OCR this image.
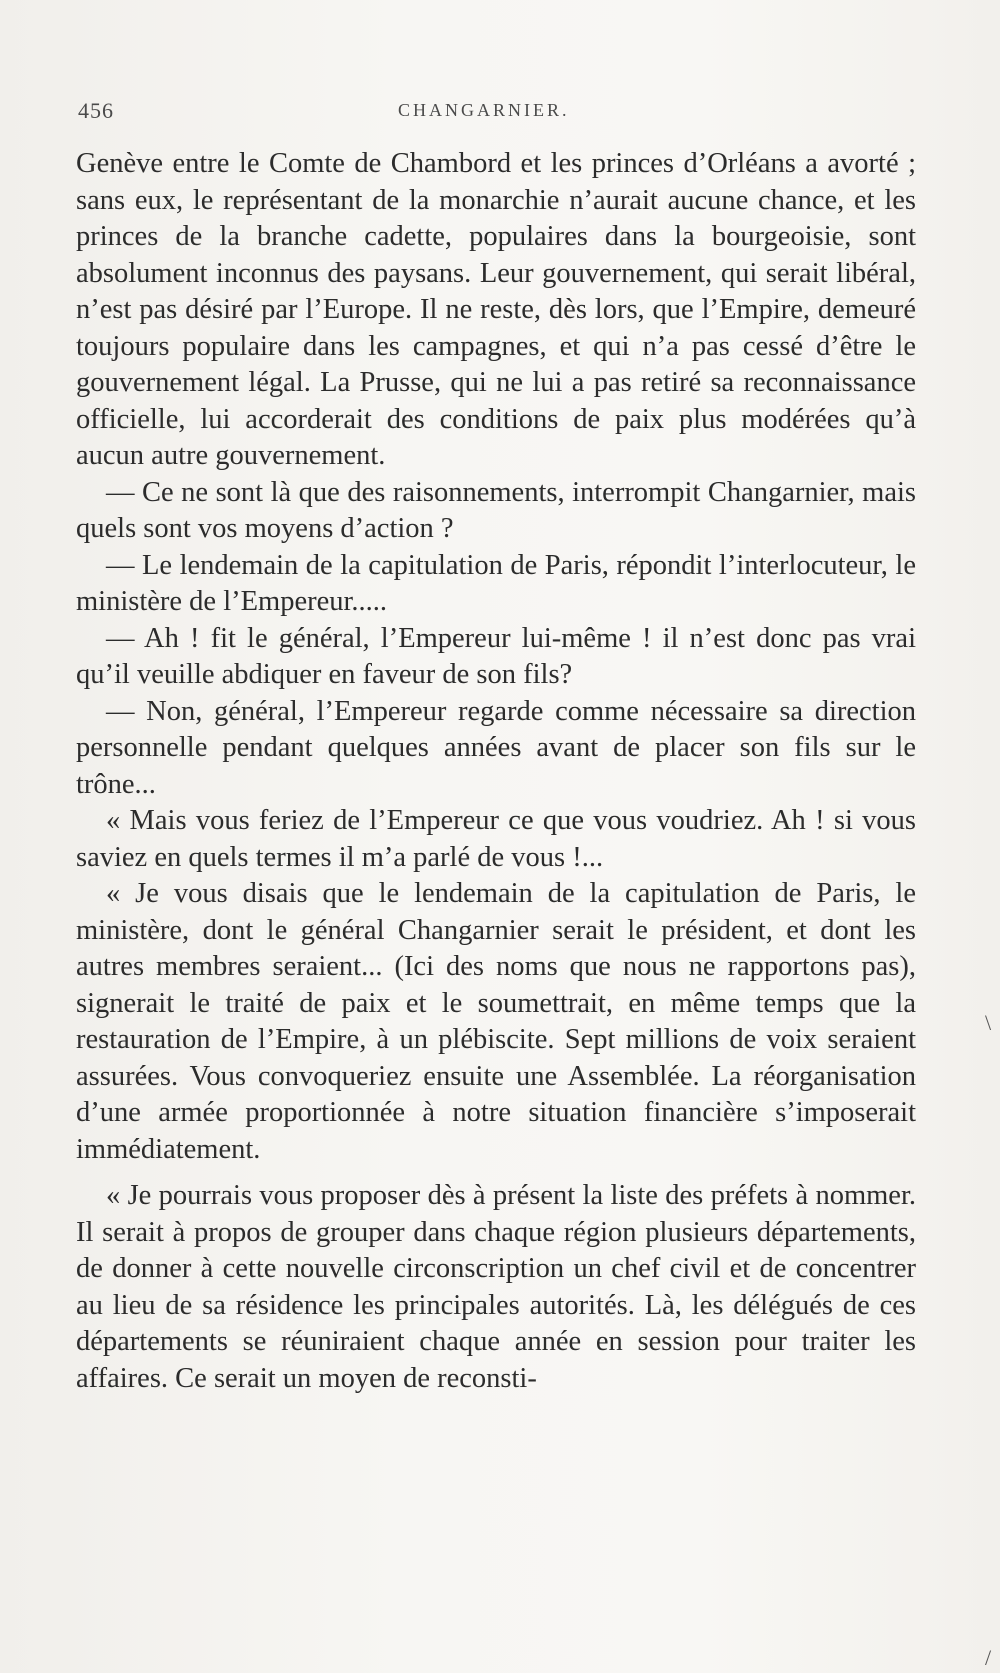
456	CHANGARNIER.

Genève entre le Comte de Chambord et les princes d’Orléans a avorté ; sans eux, le représentant de la monarchie n’aurait aucune chance, et les princes de la branche cadette, populaires dans la bourgeoisie, sont absolument inconnus des paysans. Leur gouvernement, qui serait libéral, n’est pas désiré par l’Europe. Il ne reste, dès lors, que l’Empire, demeuré toujours populaire dans les campagnes, et qui n’a pas cessé d’être le gouvernement légal. La Prusse, qui ne lui a pas retiré sa reconnaissance officielle, lui accorderait des conditions de paix plus modérées qu’à aucun autre gouvernement.

— Ce ne sont là que des raisonnements, interrompit Changarnier, mais quels sont vos moyens d’action ?

— Le lendemain de la capitulation de Paris, répondit l’interlocuteur, le ministère de l’Empereur.....

— Ah ! fit le général, l’Empereur lui-même ! il n’est donc pas vrai qu’il veuille abdiquer en faveur de son fils?

— Non, général, l’Empereur regarde comme nécessaire sa direction personnelle pendant quelques années avant de placer son fils sur le trône...

« Mais vous feriez de l’Empereur ce que vous voudriez. Ah ! si vous saviez en quels termes il m’a parlé de vous !...

« Je vous disais que le lendemain de la capitulation de Paris, le ministère, dont le général Changarnier serait le président, et dont les autres membres seraient... (Ici des noms que nous ne rapportons pas), signerait le traité de paix et le soumettrait, en même temps que la restauration de l’Empire, à un plébiscite. Sept millions de voix seraient assurées. Vous convoqueriez ensuite une Assemblée. La réorganisation d’une armée proportionnée à notre situation financière s’imposerait immédiatement.

« Je pourrais vous proposer dès à présent la liste des préfets à nommer. Il serait à propos de grouper dans chaque région plusieurs départements, de donner à cette nouvelle circonscription un chef civil et de concentrer au lieu de sa résidence les principales autorités. Là, les délégués de ces départements se réuniraient chaque année en session pour traiter les affaires. Ce serait un moyen de reconsti-

\
/
